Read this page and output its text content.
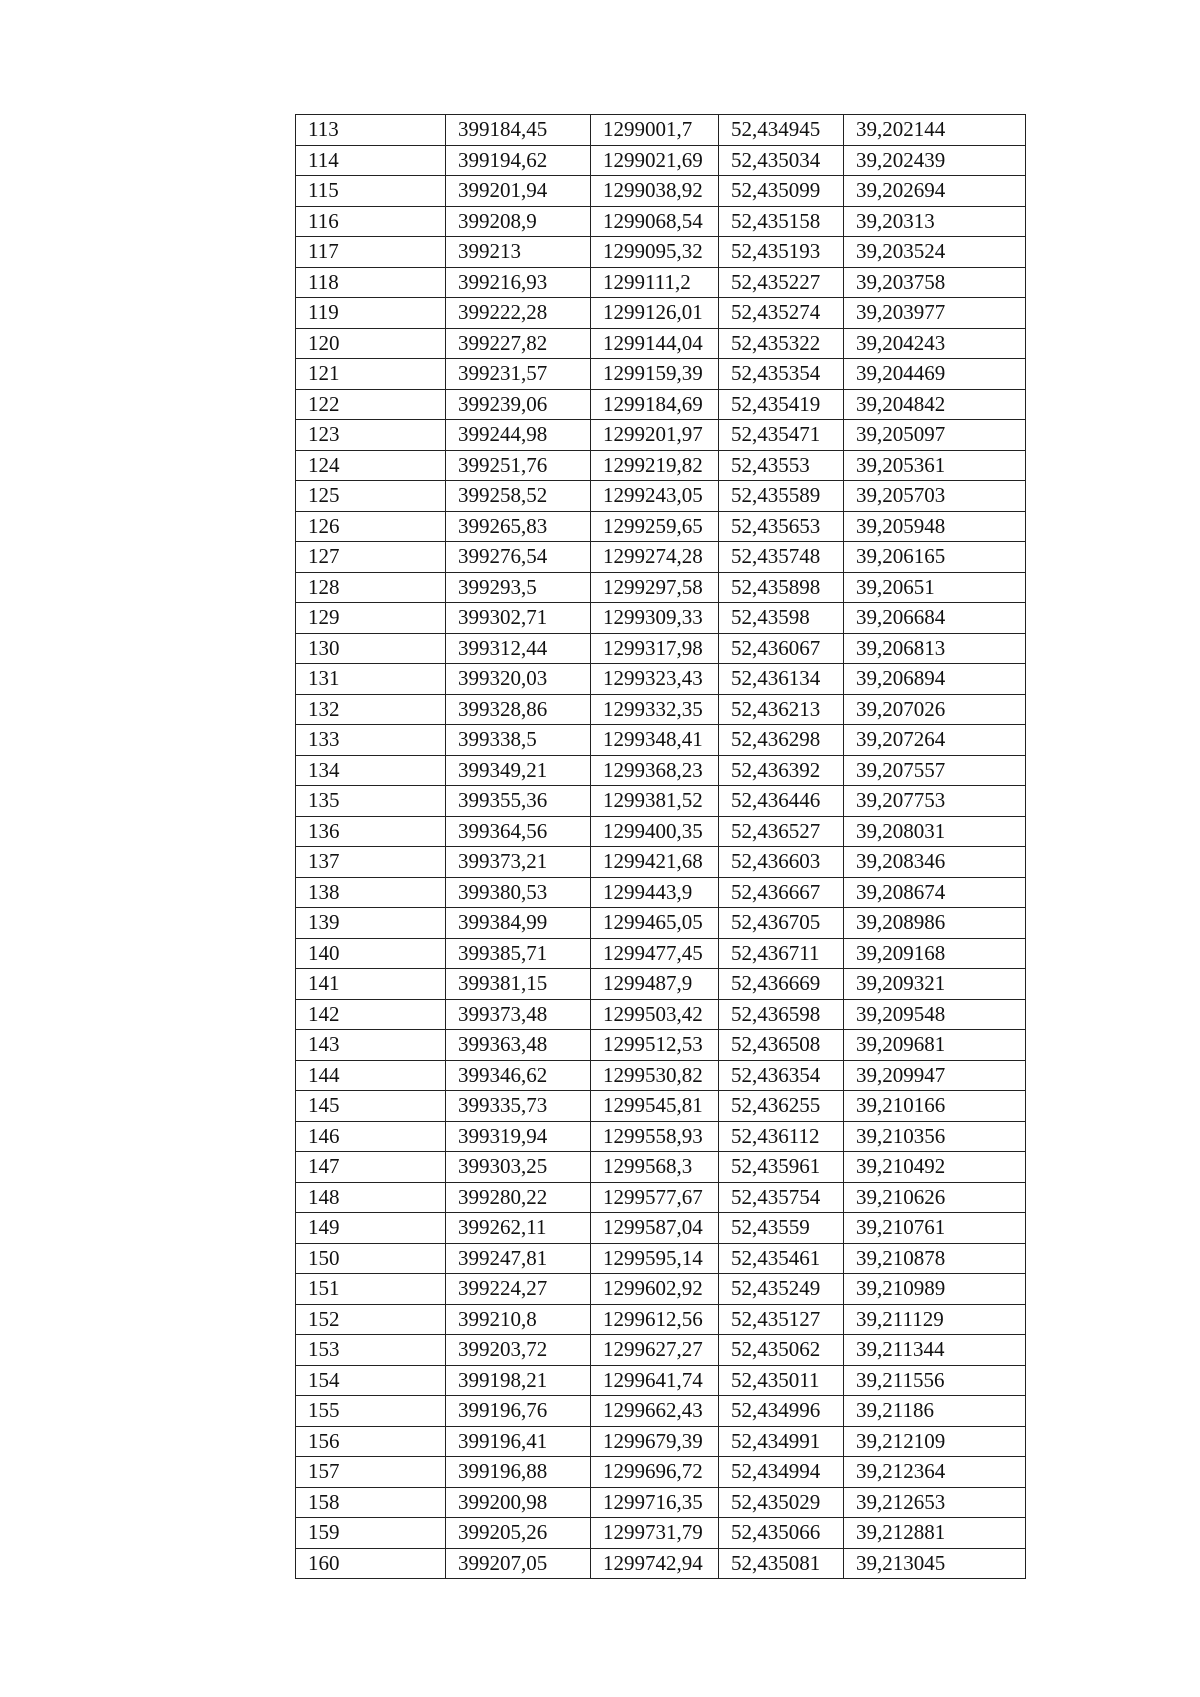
113	399184,45	1299001,7	52,434945	39,202144
114	399194,62	1299021,69	52,435034	39,202439
115	399201,94	1299038,92	52,435099	39,202694
116	399208,9	1299068,54	52,435158	39,20313
117	399213	1299095,32	52,435193	39,203524
118	399216,93	1299111,2	52,435227	39,203758
119	399222,28	1299126,01	52,435274	39,203977
120	399227,82	1299144,04	52,435322	39,204243
121	399231,57	1299159,39	52,435354	39,204469
122	399239,06	1299184,69	52,435419	39,204842
123	399244,98	1299201,97	52,435471	39,205097
124	399251,76	1299219,82	52,43553	39,205361
125	399258,52	1299243,05	52,435589	39,205703
126	399265,83	1299259,65	52,435653	39,205948
127	399276,54	1299274,28	52,435748	39,206165
128	399293,5	1299297,58	52,435898	39,20651
129	399302,71	1299309,33	52,43598	39,206684
130	399312,44	1299317,98	52,436067	39,206813
131	399320,03	1299323,43	52,436134	39,206894
132	399328,86	1299332,35	52,436213	39,207026
133	399338,5	1299348,41	52,436298	39,207264
134	399349,21	1299368,23	52,436392	39,207557
135	399355,36	1299381,52	52,436446	39,207753
136	399364,56	1299400,35	52,436527	39,208031
137	399373,21	1299421,68	52,436603	39,208346
138	399380,53	1299443,9	52,436667	39,208674
139	399384,99	1299465,05	52,436705	39,208986
140	399385,71	1299477,45	52,436711	39,209168
141	399381,15	1299487,9	52,436669	39,209321
142	399373,48	1299503,42	52,436598	39,209548
143	399363,48	1299512,53	52,436508	39,209681
144	399346,62	1299530,82	52,436354	39,209947
145	399335,73	1299545,81	52,436255	39,210166
146	399319,94	1299558,93	52,436112	39,210356
147	399303,25	1299568,3	52,435961	39,210492
148	399280,22	1299577,67	52,435754	39,210626
149	399262,11	1299587,04	52,43559	39,210761
150	399247,81	1299595,14	52,435461	39,210878
151	399224,27	1299602,92	52,435249	39,210989
152	399210,8	1299612,56	52,435127	39,211129
153	399203,72	1299627,27	52,435062	39,211344
154	399198,21	1299641,74	52,435011	39,211556
155	399196,76	1299662,43	52,434996	39,21186
156	399196,41	1299679,39	52,434991	39,212109
157	399196,88	1299696,72	52,434994	39,212364
158	399200,98	1299716,35	52,435029	39,212653
159	399205,26	1299731,79	52,435066	39,212881
160	399207,05	1299742,94	52,435081	39,213045
